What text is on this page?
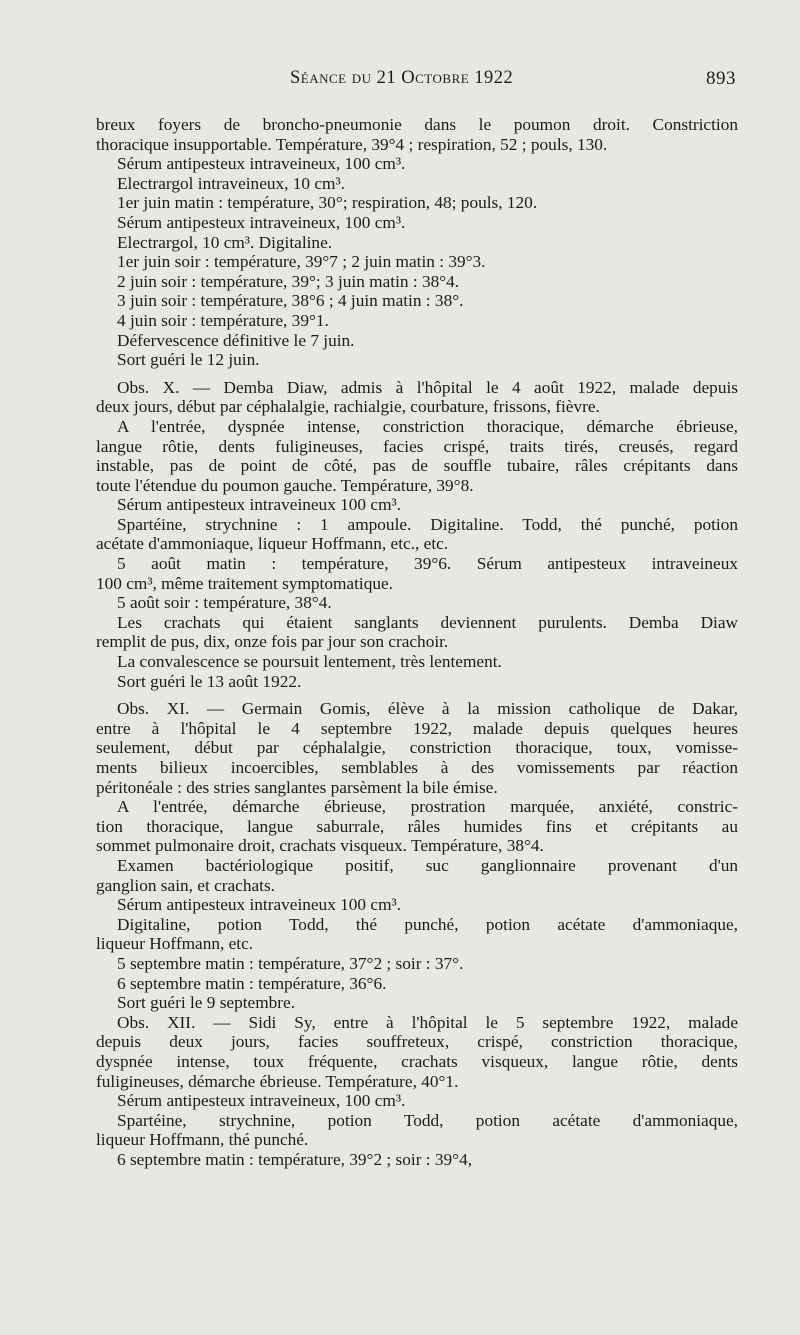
Séance du 21 Octobre 1922	893

breux foyers de broncho-pneumonie dans le poumon droit. Constriction
thoracique insupportable. Température, 39°4 ; respiration, 52 ; pouls, 130.

Sérum antipesteux intraveineux, 100 cm³.

Electrargol intraveineux, 10 cm³.

1er juin matin : température, 30°; respiration, 48; pouls, 120.

Sérum antipesteux intraveineux, 100 cm³.

Electrargol, 10 cm³. Digitaline.

1er juin soir : température, 39°7 ; 2 juin matin : 39°3.

2 juin soir : température, 39°; 3 juin matin : 38°4.

3 juin soir : température, 38°6 ; 4 juin matin : 38°.

4 juin soir : température, 39°1.

Défervescence définitive le 7 juin.

Sort guéri le 12 juin.

Obs. X. — Demba Diaw, admis à l'hôpital le 4 août 1922, malade depuis
deux jours, début par céphalalgie, rachialgie, courbature, frissons, fièvre.

A l'entrée, dyspnée intense, constriction thoracique, démarche ébrieuse,
langue rôtie, dents fuligineuses, facies crispé, traits tirés, creusés, regard
instable, pas de point de côté, pas de souffle tubaire, râles crépitants dans
toute l'étendue du poumon gauche. Température, 39°8.

Sérum antipesteux intraveineux 100 cm³.

Spartéine, strychnine : 1 ampoule. Digitaline. Todd, thé punché, potion
acétate d'ammoniaque, liqueur Hoffmann, etc., etc.

5 août matin : température, 39°6. Sérum antipesteux intraveineux
100 cm³, même traitement symptomatique.

5 août soir : température, 38°4.

Les crachats qui étaient sanglants deviennent purulents. Demba Diaw
remplit de pus, dix, onze fois par jour son crachoir.

La convalescence se poursuit lentement, très lentement.

Sort guéri le 13 août 1922.

Obs. XI. — Germain Gomis, élève à la mission catholique de Dakar,
entre à l'hôpital le 4 septembre 1922, malade depuis quelques heures
seulement, début par céphalalgie, constriction thoracique, toux, vomisse-
ments bilieux incoercibles, semblables à des vomissements par réaction
péritonéale : des stries sanglantes parsèment la bile émise.

A l'entrée, démarche ébrieuse, prostration marquée, anxiété, constric-
tion thoracique, langue saburrale, râles humides fins et crépitants au
sommet pulmonaire droit, crachats visqueux. Température, 38°4.

Examen bactériologique positif, suc ganglionnaire provenant d'un
ganglion sain, et crachats.

Sérum antipesteux intraveineux 100 cm³.

Digitaline, potion Todd, thé punché, potion acétate d'ammoniaque,
liqueur Hoffmann, etc.

5 septembre matin : température, 37°2 ; soir : 37°.

6 septembre matin : température, 36°6.

Sort guéri le 9 septembre.

Obs. XII. — Sidi Sy, entre à l'hôpital le 5 septembre 1922, malade
depuis deux jours, facies souffreteux, crispé, constriction thoracique,
dyspnée intense, toux fréquente, crachats visqueux, langue rôtie, dents
fuligineuses, démarche ébrieuse. Température, 40°1.

Sérum antipesteux intraveineux, 100 cm³.

Spartéine, strychnine, potion Todd, potion acétate d'ammoniaque,
liqueur Hoffmann, thé punché.

6 septembre matin : température, 39°2 ; soir : 39°4,
